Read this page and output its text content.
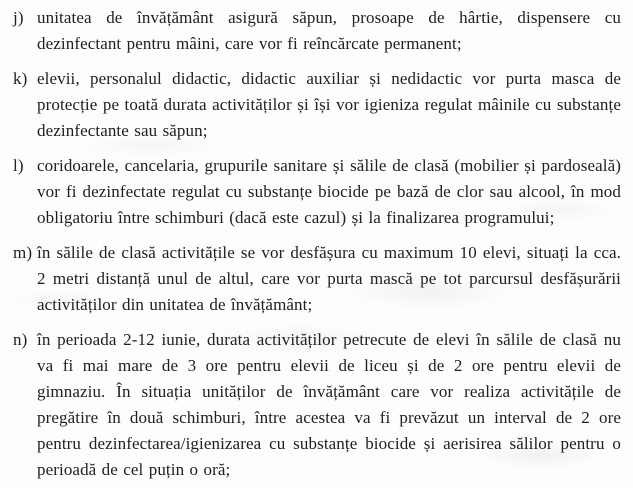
j) unitatea de învățământ asigură săpun, prosoape de hârtie, dispensere cu dezinfectant pentru mâini, care vor fi reîncărcate permanent;
k) elevii, personalul didactic, didactic auxiliar și nedidactic vor purta masca de protecție pe toată durata activităților și își vor igieniza regulat mâinile cu substanțe dezinfectante sau săpun;
l) coridoarele, cancelaria, grupurile sanitare și sălile de clasă (mobilier și pardoseală) vor fi dezinfectate regulat cu substanțe biocide pe bază de clor sau alcool, în mod obligatoriu între schimburi (dacă este cazul) și la finalizarea programului;
m) în sălile de clasă activitățile se vor desfășura cu maximum 10 elevi, situați la cca. 2 metri distanță unul de altul, care vor purta mască pe tot parcursul desfășurării activităților din unitatea de învățământ;
n) în perioada 2-12 iunie, durata activităților petrecute de elevi în sălile de clasă nu va fi mai mare de 3 ore pentru elevii de liceu și de 2 ore pentru elevii de gimnaziu. În situația unităților de învățământ care vor realiza activitățile de pregătire în două schimburi, între acestea va fi prevăzut un interval de 2 ore pentru dezinfectarea/igienizarea cu substanțe biocide și aerisirea sălilor pentru o perioadă de cel puțin o oră;
